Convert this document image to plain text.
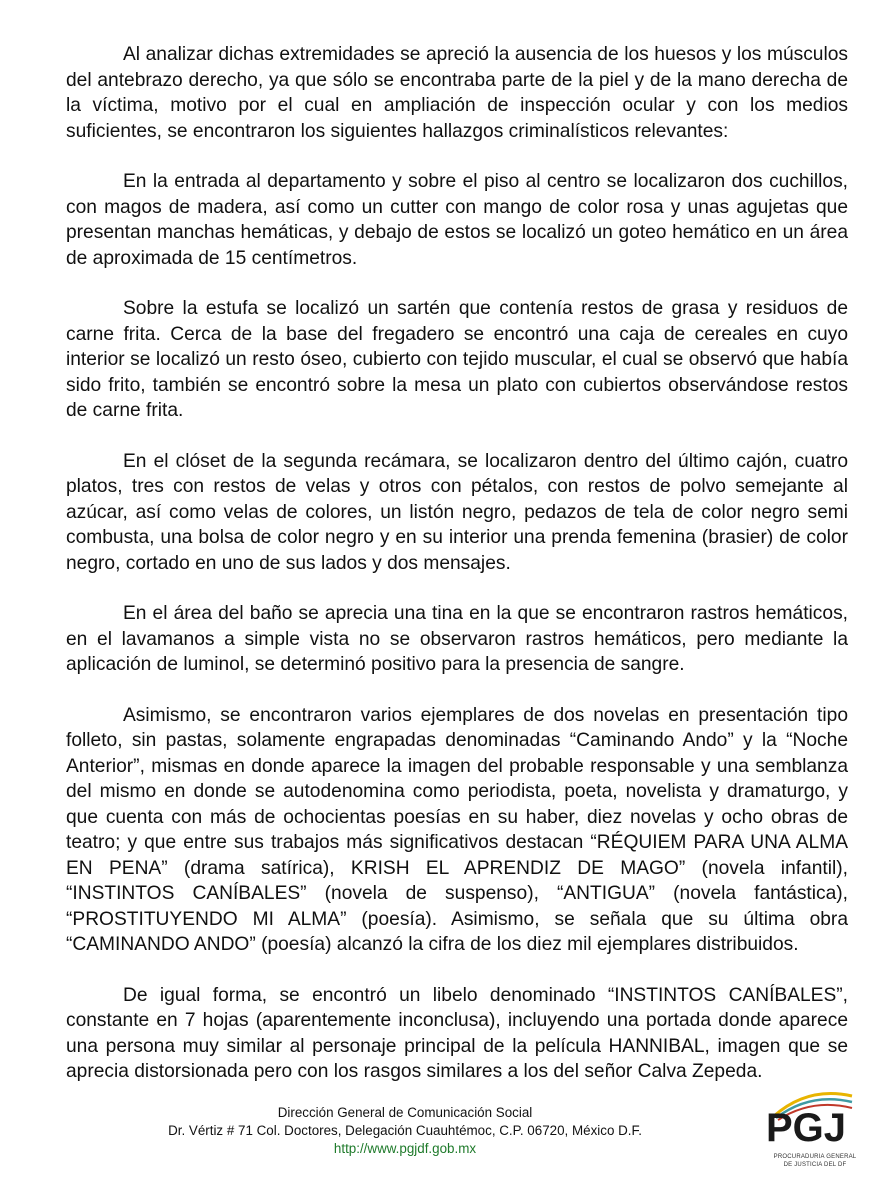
Al analizar dichas extremidades se apreció la ausencia de los huesos y los músculos del antebrazo derecho, ya que sólo se encontraba parte de la piel y de la mano derecha de la víctima, motivo por el cual en ampliación de inspección ocular y con los medios suficientes, se encontraron los siguientes hallazgos criminalísticos relevantes:

En la entrada al departamento y sobre el piso al centro se localizaron dos cuchillos, con magos de madera, así como un cutter con mango de color rosa y unas agujetas que presentan manchas hemáticas, y debajo de estos se localizó un goteo hemático en un área de aproximada de 15 centímetros.

Sobre la estufa se localizó un sartén que contenía restos de grasa y residuos de carne frita. Cerca de la base del fregadero se encontró una caja de cereales en cuyo interior se localizó un resto óseo, cubierto con tejido muscular, el cual se observó que había sido frito, también se encontró sobre la mesa un plato con cubiertos observándose restos de carne frita.

En el clóset de la segunda recámara, se localizaron dentro del último cajón, cuatro platos, tres con restos de velas y otros con pétalos, con restos de polvo semejante al azúcar, así como velas de colores, un listón negro, pedazos de tela de color negro semi combusta, una bolsa de color negro y en su interior una prenda femenina (brasier) de color negro, cortado en uno de sus lados y dos mensajes.

En el área del baño se aprecia una tina en la que se encontraron rastros hemáticos, en el lavamanos a simple vista no se observaron rastros hemáticos, pero mediante la aplicación de luminol, se determinó positivo para la presencia de sangre.

Asimismo, se encontraron varios ejemplares de dos novelas en presentación tipo folleto, sin pastas, solamente engrapadas denominadas “Caminando Ando” y la “Noche Anterior”, mismas en donde aparece la imagen del probable responsable y una semblanza del mismo en donde se autodenomina como periodista, poeta, novelista y dramaturgo, y que cuenta con más de ochocientas poesías en su haber, diez novelas y ocho obras de teatro; y que entre sus trabajos más significativos destacan “RÉQUIEM PARA UNA ALMA EN PENA” (drama satírica), KRISH EL APRENDIZ DE MAGO” (novela infantil), “INSTINTOS CANÍBALES” (novela de suspenso), “ANTIGUA” (novela fantástica), “PROSTITUYENDO MI ALMA” (poesía). Asimismo, se señala que su última obra “CAMINANDO ANDO” (poesía) alcanzó la cifra de los diez mil ejemplares distribuidos.

De igual forma, se encontró un libelo denominado “INSTINTOS CANÍBALES”, constante en 7 hojas (aparentemente inconclusa), incluyendo una portada donde aparece una persona muy similar al personaje principal de la película HANNIBAL, imagen que se aprecia distorsionada pero con los rasgos similares a los del señor Calva Zepeda.

Dirección General de Comunicación Social
Dr. Vértiz # 71 Col. Doctores, Delegación Cuauhtémoc, C.P. 06720, México D.F.
http://www.pgjdf.gob.mx	PGJ
PROCURADURIA GENERAL
DE JUSTICIA DEL DF
